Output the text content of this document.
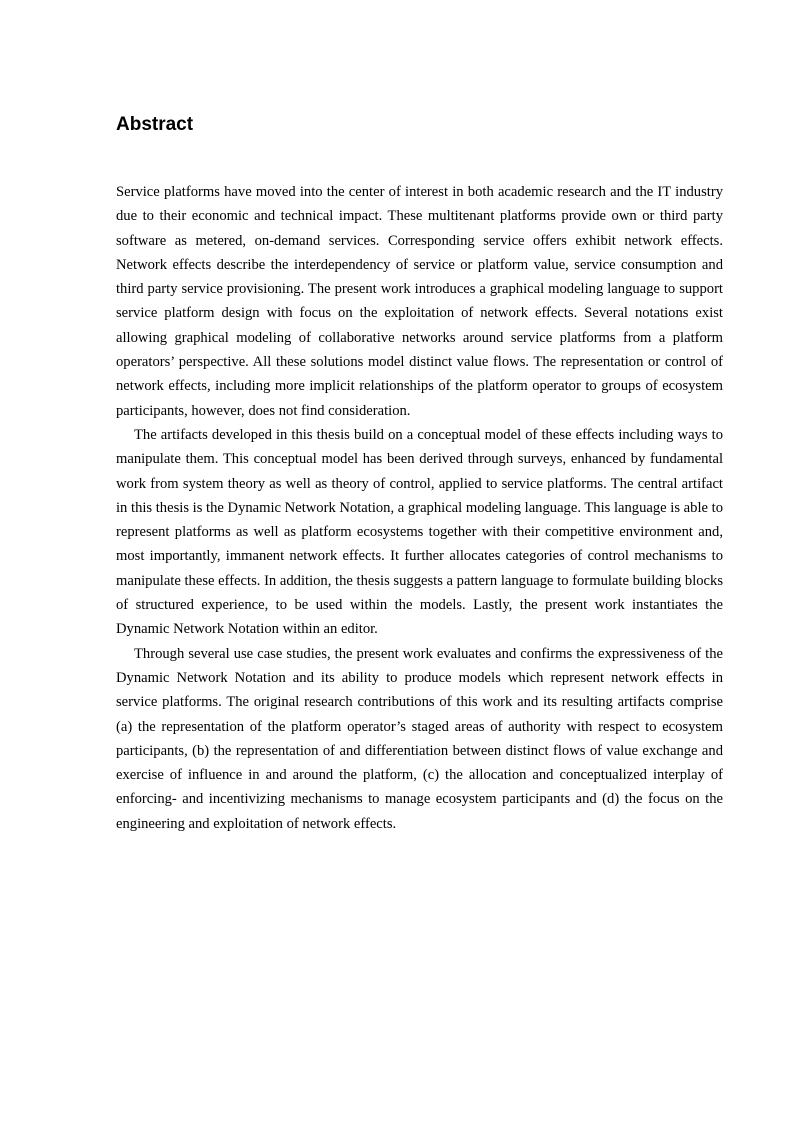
Abstract

Service platforms have moved into the center of interest in both academic research and the IT industry due to their economic and technical impact. These multitenant platforms provide own or third party software as metered, on-demand services. Corresponding service offers exhibit network effects. Network effects describe the interdependency of service or platform value, service consumption and third party service provisioning. The present work introduces a graphical modeling language to support service platform design with focus on the exploitation of network effects. Several notations exist allowing graphical modeling of collaborative networks around service platforms from a platform operators’ perspective. All these solutions model distinct value flows. The representation or control of network effects, including more implicit relationships of the platform operator to groups of ecosystem participants, however, does not find consideration.

The artifacts developed in this thesis build on a conceptual model of these effects including ways to manipulate them. This conceptual model has been derived through surveys, enhanced by fundamental work from system theory as well as theory of control, applied to service platforms. The central artifact in this thesis is the Dynamic Network Notation, a graphical modeling language. This language is able to represent platforms as well as platform ecosystems together with their competitive environment and, most importantly, immanent network effects. It further allocates categories of control mechanisms to manipulate these effects. In addition, the thesis suggests a pattern language to formulate building blocks of structured experience, to be used within the models. Lastly, the present work instantiates the Dynamic Network Notation within an editor.

Through several use case studies, the present work evaluates and confirms the expressiveness of the Dynamic Network Notation and its ability to produce models which represent network effects in service platforms. The original research contributions of this work and its resulting artifacts comprise (a) the representation of the platform operator’s staged areas of authority with respect to ecosystem participants, (b) the representation of and differentiation between distinct flows of value exchange and exercise of influence in and around the platform, (c) the allocation and conceptualized interplay of enforcing- and incentivizing mechanisms to manage ecosystem participants and (d) the focus on the engineering and exploitation of network effects.
